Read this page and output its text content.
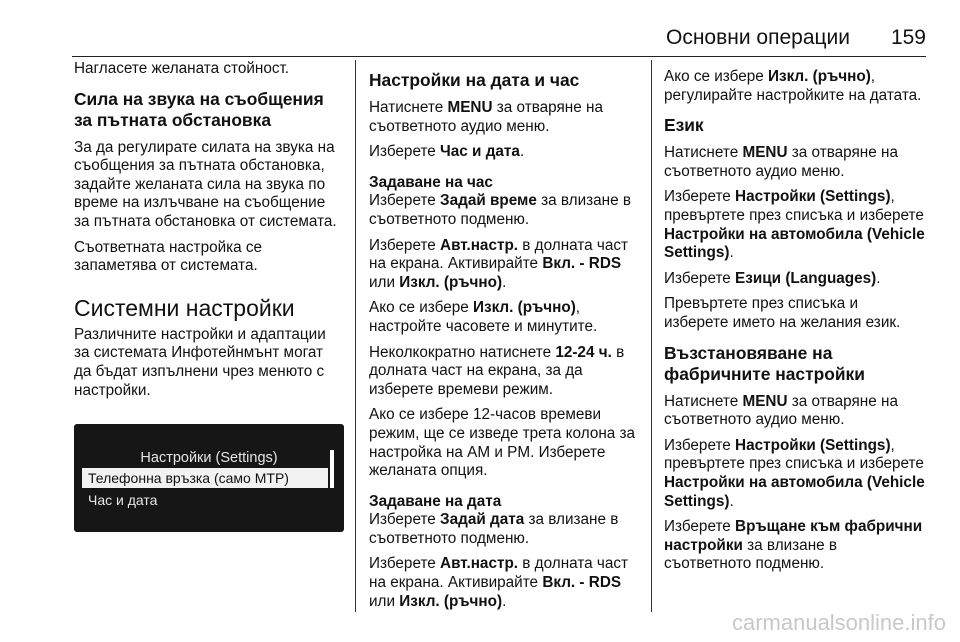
Основни операции 159

Нагласете желаната стойност.

Сила на звука на съобщения за пътната обстановка

За да регулирате силата на звука на съобщения за пътната обстановка, задайте желаната сила на звука по време на излъчване на съобщение за пътната обстановка от системата.

Съответната настройка се запаметява от системата.

Системни настройки

Различните настройки и адаптации за системата Инфотейнмънт могат да бъдат изпълнени чрез менюто с настройки.

Настройки (Settings)
Телефонна връзка (само MTP)
Час и дата
Настройки на дата и час

Натиснете MENU за отваряне на съответното аудио меню.

Изберете Час и дата.

Задаване на час

Изберете Задай време за влизане в съответното подменю.

Изберете Авт.настр. в долната част на екрана. Активирайте Вкл. - RDS или Изкл. (ръчно).

Ако се избере Изкл. (ръчно), настройте часовете и минутите.

Неколкократно натиснете 12-24 ч. в долната част на екрана, за да изберете времеви режим.

Ако се избере 12-часов времеви режим, ще се изведе трета колона за настройка на AM и PM. Изберете желаната опция.

Задаване на дата

Изберете Задай дата за влизане в съответното подменю.

Изберете Авт.настр. в долната част на екрана. Активирайте Вкл. - RDS или Изкл. (ръчно).

Ако се избере Изкл. (ръчно), регулирайте настройките на датата.

Език

Натиснете MENU за отваряне на съответното аудио меню.

Изберете Настройки (Settings), превъртете през списъка и изберете Настройки на автомобила (Vehicle Settings).

Изберете Езици (Languages).

Превъртете през списъка и изберете името на желания език.

Възстановяване на фабричните настройки

Натиснете MENU за отваряне на съответното аудио меню.

Изберете Настройки (Settings), превъртете през списъка и изберете Настройки на автомобила (Vehicle Settings).

Изберете Връщане към фабрични настройки за влизане в съответното подменю.

carmanualsonline.info
